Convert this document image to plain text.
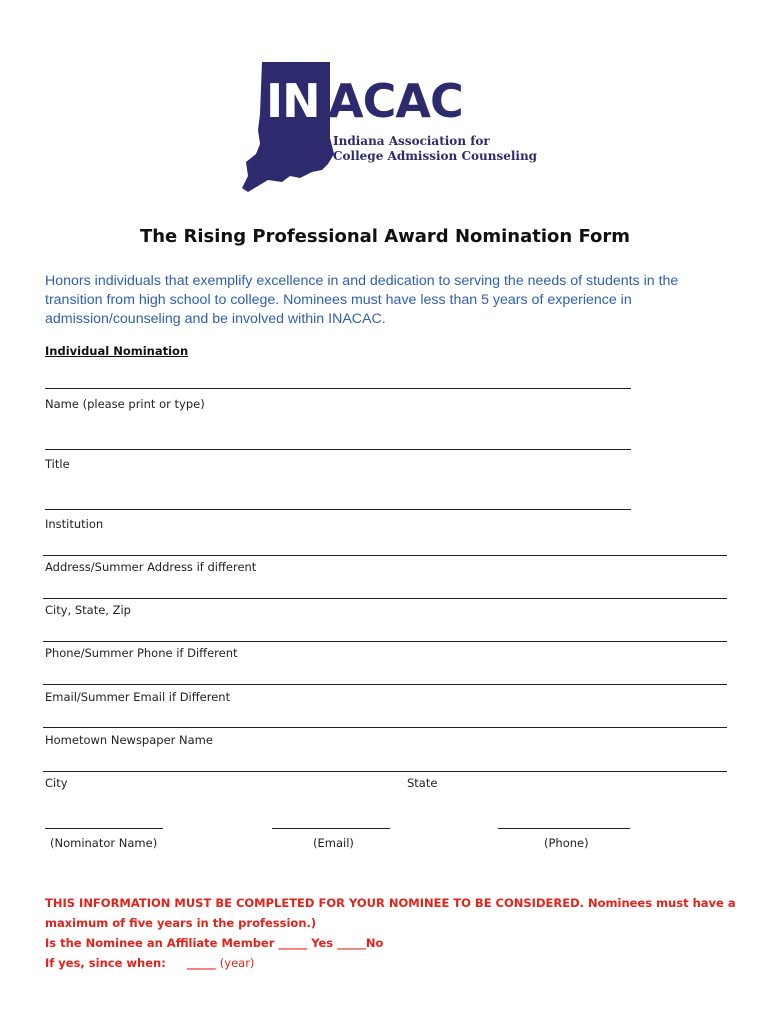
IN ACAC
Indiana Association for
College Admission Counseling
The Rising Professional Award Nomination Form
Honors individuals that exemplify excellence in and dedication to serving the needs of students in the transition from high school to college. Nominees must have less than 5 years of experience in admission/counseling and be involved within INACAC.
Individual Nomination
Name (please print or type)
Title
Institution
Address/Summer Address if different
City, State, Zip
Phone/Summer Phone if Different
Email/Summer Email if Different
Hometown Newspaper Name
City	State
(Nominator Name)	(Email)	(Phone)
THIS INFORMATION MUST BE COMPLETED FOR YOUR NOMINEE TO BE CONSIDERED. Nominees must have a
maximum of five years in the profession.)
Is the Nominee an Affiliate Member _____ Yes _____No
If yes, since when: _____ (year)
